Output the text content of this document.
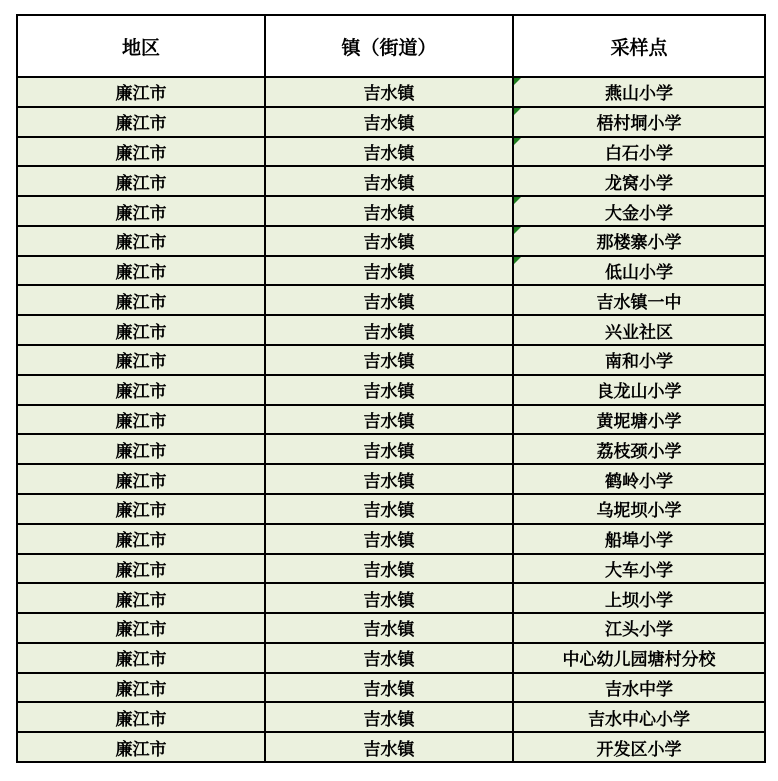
地区	镇（街道）	采样点
廉江市	吉水镇	燕山小学
廉江市	吉水镇	梧村垌小学
廉江市	吉水镇	白石小学
廉江市	吉水镇	龙窝小学
廉江市	吉水镇	大金小学
廉江市	吉水镇	那楼寨小学
廉江市	吉水镇	低山小学
廉江市	吉水镇	吉水镇一中
廉江市	吉水镇	兴业社区
廉江市	吉水镇	南和小学
廉江市	吉水镇	良龙山小学
廉江市	吉水镇	黄坭塘小学
廉江市	吉水镇	荔枝颈小学
廉江市	吉水镇	鹤岭小学
廉江市	吉水镇	乌坭坝小学
廉江市	吉水镇	船埠小学
廉江市	吉水镇	大车小学
廉江市	吉水镇	上坝小学
廉江市	吉水镇	江头小学
廉江市	吉水镇	中心幼儿园塘村分校
廉江市	吉水镇	吉水中学
廉江市	吉水镇	吉水中心小学
廉江市	吉水镇	开发区小学
